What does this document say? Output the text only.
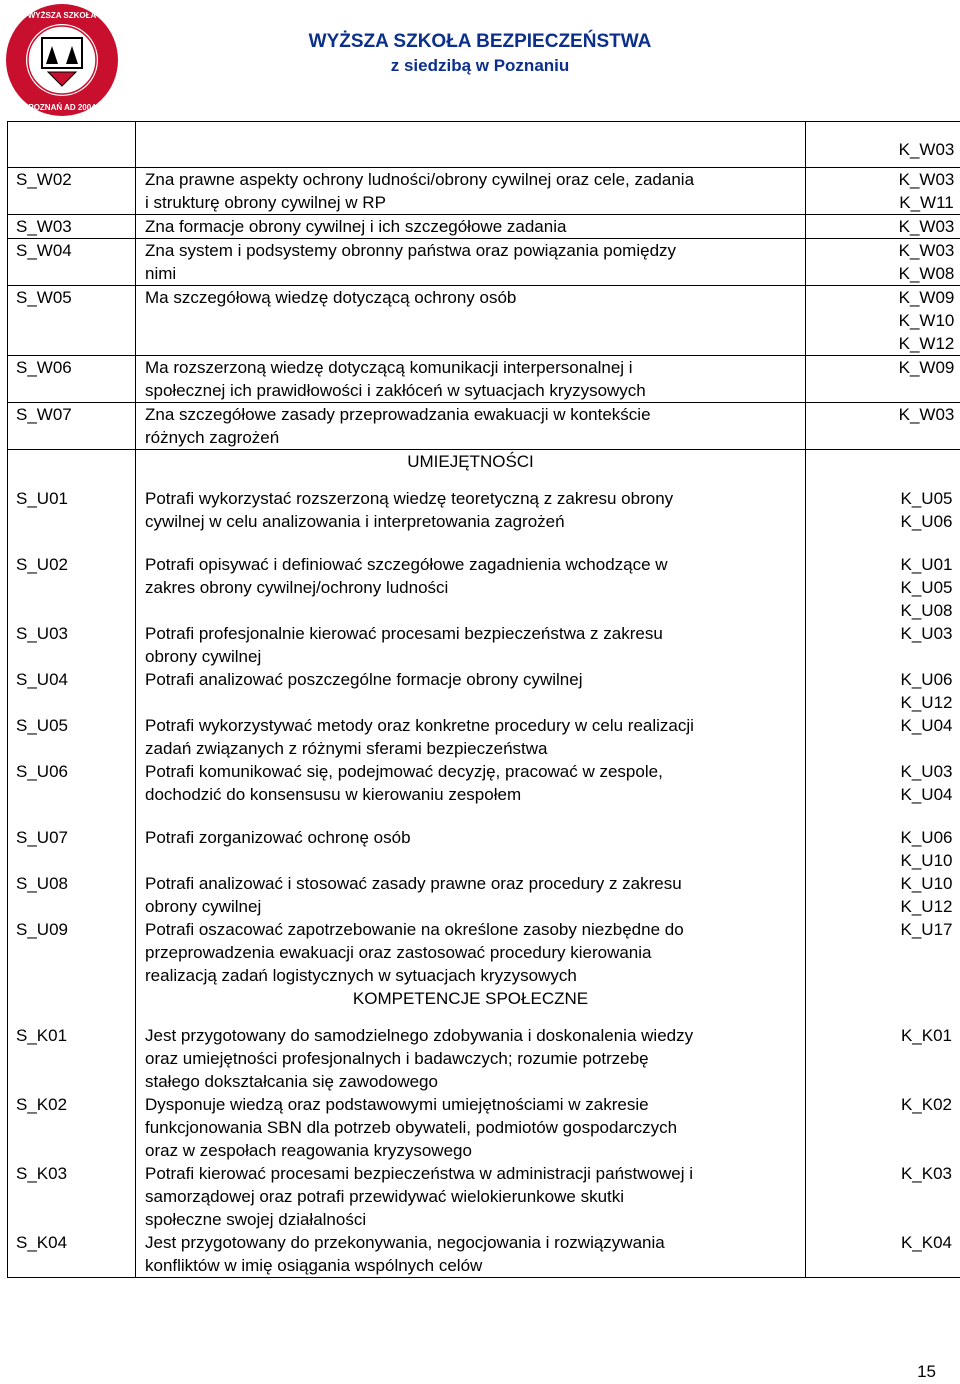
WYŻSZA SZKOŁA
POZNAŃ AD 2004
WYŻSZA SZKOŁA BEZPIECZEŃSTWA
z siedzibą w Poznaniu

		K_W03

S_W02	Zna prawne aspekty ochrony ludności/obrony cywilnej oraz cele, zadania
i strukturę obrony cywilnej w RP	K_W03
K_W11

S_W03	Zna formacje obrony cywilnej i ich szczegółowe zadania	K_W03

S_W04	Zna system i podsystemy obronny państwa oraz powiązania pomiędzy
nimi	K_W03
K_W08

S_W05	Ma szczegółową wiedzę dotyczącą ochrony osób	K_W09
K_W10
K_W12

S_W06	Ma rozszerzoną wiedzę dotyczącą komunikacji interpersonalnej i
społecznej ich prawidłowości i zakłóceń w sytuacjach kryzysowych	K_W09

S_W07	Zna szczegółowe zasady przeprowadzania ewakuacji w kontekście
różnych zagrożeń	K_W03

	UMIEJĘTNOŚCI	
S_U01	Potrafi wykorzystać rozszerzoną wiedzę teoretyczną z zakresu obrony
cywilnej w celu analizowania i interpretowania zagrożeń	K_U05
K_U06

S_U02	Potrafi opisywać i definiować szczegółowe zagadnienia wchodzące w
zakres obrony cywilnej/ochrony ludności	K_U01
K_U05
K_U08

S_U03	Potrafi profesjonalnie kierować procesami bezpieczeństwa z zakresu
obrony cywilnej	K_U03

S_U04	Potrafi analizować poszczególne formacje obrony cywilnej	K_U06
K_U12

S_U05	Potrafi wykorzystywać metody oraz konkretne procedury w celu realizacji
zadań związanych z różnymi sferami bezpieczeństwa	K_U04

S_U06	Potrafi komunikować się, podejmować decyzję, pracować w zespole,
dochodzić do konsensusu w kierowaniu zespołem	K_U03
K_U04

S_U07	Potrafi zorganizować ochronę osób	K_U06
K_U10

S_U08	Potrafi analizować i stosować zasady prawne oraz procedury z zakresu
obrony cywilnej	K_U10
K_U12

S_U09	Potrafi oszacować zapotrzebowanie na określone zasoby niezbędne do
przeprowadzenia ewakuacji oraz zastosować procedury kierowania
realizacją zadań logistycznych w sytuacjach kryzysowych	K_U17

	KOMPETENCJE SPOŁECZNE	
S_K01	Jest przygotowany do samodzielnego zdobywania i doskonalenia wiedzy
oraz umiejętności profesjonalnych i badawczych; rozumie potrzebę
stałego dokształcania się zawodowego	K_K01

S_K02	Dysponuje wiedzą oraz podstawowymi umiejętnościami w zakresie
funkcjonowania SBN dla potrzeb obywateli, podmiotów gospodarczych
oraz w zespołach reagowania kryzysowego	K_K02

S_K03	Potrafi kierować procesami bezpieczeństwa w administracji państwowej i
samorządowej oraz potrafi przewidywać wielokierunkowe skutki
społeczne swojej działalności	K_K03

S_K04	Jest przygotowany do przekonywania, negocjowania i rozwiązywania
konfliktów w imię osiągania wspólnych celów	K_K04
15
